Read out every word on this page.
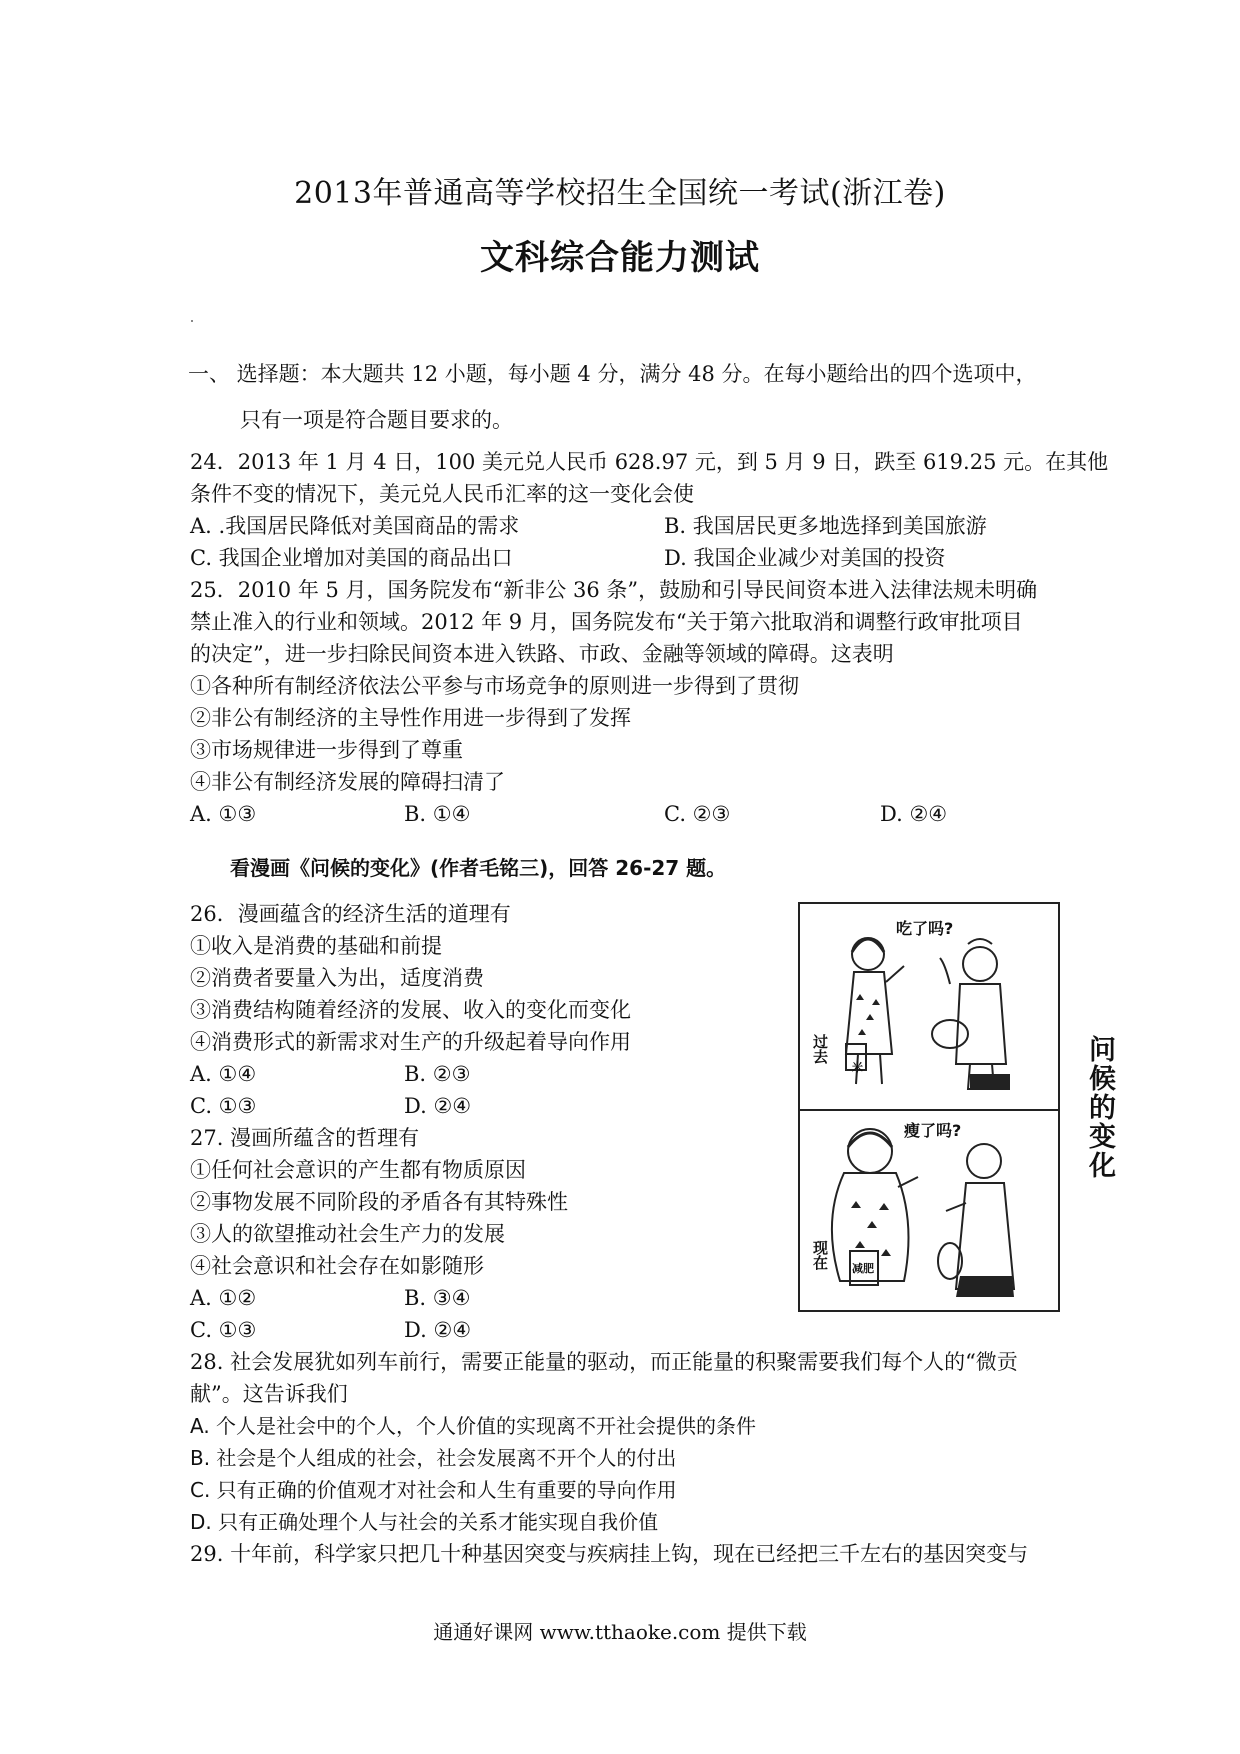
2013年普通高等学校招生全国统一考试(浙江卷)
文科综合能力测试
一、 选择题：本大题共 12 小题，每小题 4 分，满分 48 分。在每小题给出的四个选项中，
只有一项是符合题目要求的。
24．2013 年 1 月 4 日，100 美元兑人民币 628.97 元，到 5 月 9 日，跌至 619.25 元。在其他
条件不变的情况下，美元兑人民币汇率的这一变化会使
A. .我国居民降低对美国商品的需求	B. 我国居民更多地选择到美国旅游
C. 我国企业增加对美国的商品出口	D. 我国企业减少对美国的投资
25．2010 年 5 月，国务院发布“新非公 36 条”，鼓励和引导民间资本进入法律法规未明确
禁止准入的行业和领域。2012 年 9 月，国务院发布“关于第六批取消和调整行政审批项目
的决定”，进一步扫除民间资本进入铁路、市政、金融等领域的障碍。这表明
①各种所有制经济依法公平参与市场竞争的原则进一步得到了贯彻
②非公有制经济的主导性作用进一步得到了发挥
③市场规律进一步得到了尊重
④非公有制经济发展的障碍扫清了
A. ①③	B. ①④	C. ②③	D. ②④
看漫画《问候的变化》(作者毛铭三)，回答 26-27 题。
26．漫画蕴含的经济生活的道理有
①收入是消费的基础和前提
②消费者要量入为出，适度消费
③消费结构随着经济的发展、收入的变化而变化
④消费形式的新需求对生产的升级起着导向作用
A. ①④	B. ②③
C. ①③	D. ②④
27. 漫画所蕴含的哲理有
①任何社会意识的产生都有物质原因
②事物发展不同阶段的矛盾各有其特殊性
③人的欲望推动社会生产力的发展
④社会意识和社会存在如影随形
A. ①②	B. ③④
C. ①③	D. ②④
28. 社会发展犹如列车前行，需要正能量的驱动，而正能量的积聚需要我们每个人的“微贡
献”。这告诉我们
A. 个人是社会中的个人，个人价值的实现离不开社会提供的条件
B. 社会是个人组成的社会，社会发展离不开个人的付出
C. 只有正确的价值观才对社会和人生有重要的导向作用
D. 只有正确处理个人与社会的关系才能实现自我价值
29. 十年前，科学家只把几十种基因突变与疾病挂上钩，现在已经把三千左右的基因突变与
吃了吗?
米
过去
瘦了吗?
减肥
现在
问候的变化
通通好课网 www.tthaoke.com 提供下载
